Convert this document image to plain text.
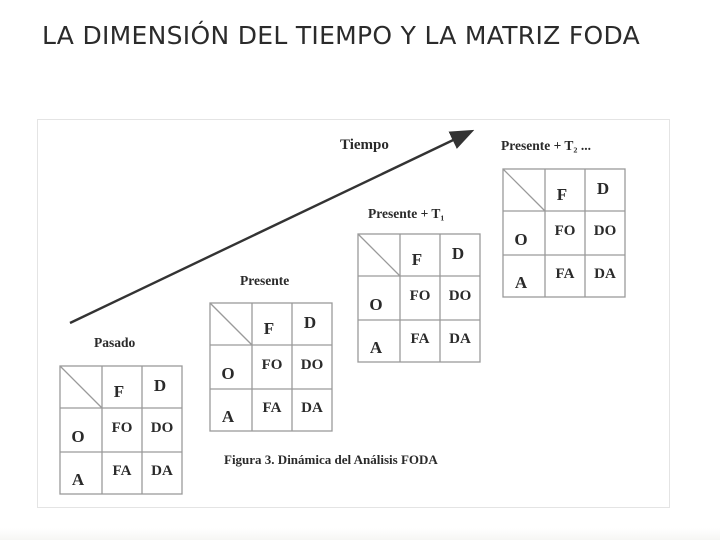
LA DIMENSIÓN DEL TIEMPO Y LA MATRIZ FODA
Tiempo
Pasado
Presente
Presente + T₁
Presente + T₂ ...
F D
O FO DO
A FA DA
F D
O FO DO
A FA DA
F D
O FO DO
A FA DA
F D
O FO DO
A FA DA
Figura 3. Dinámica del Análisis FODA
